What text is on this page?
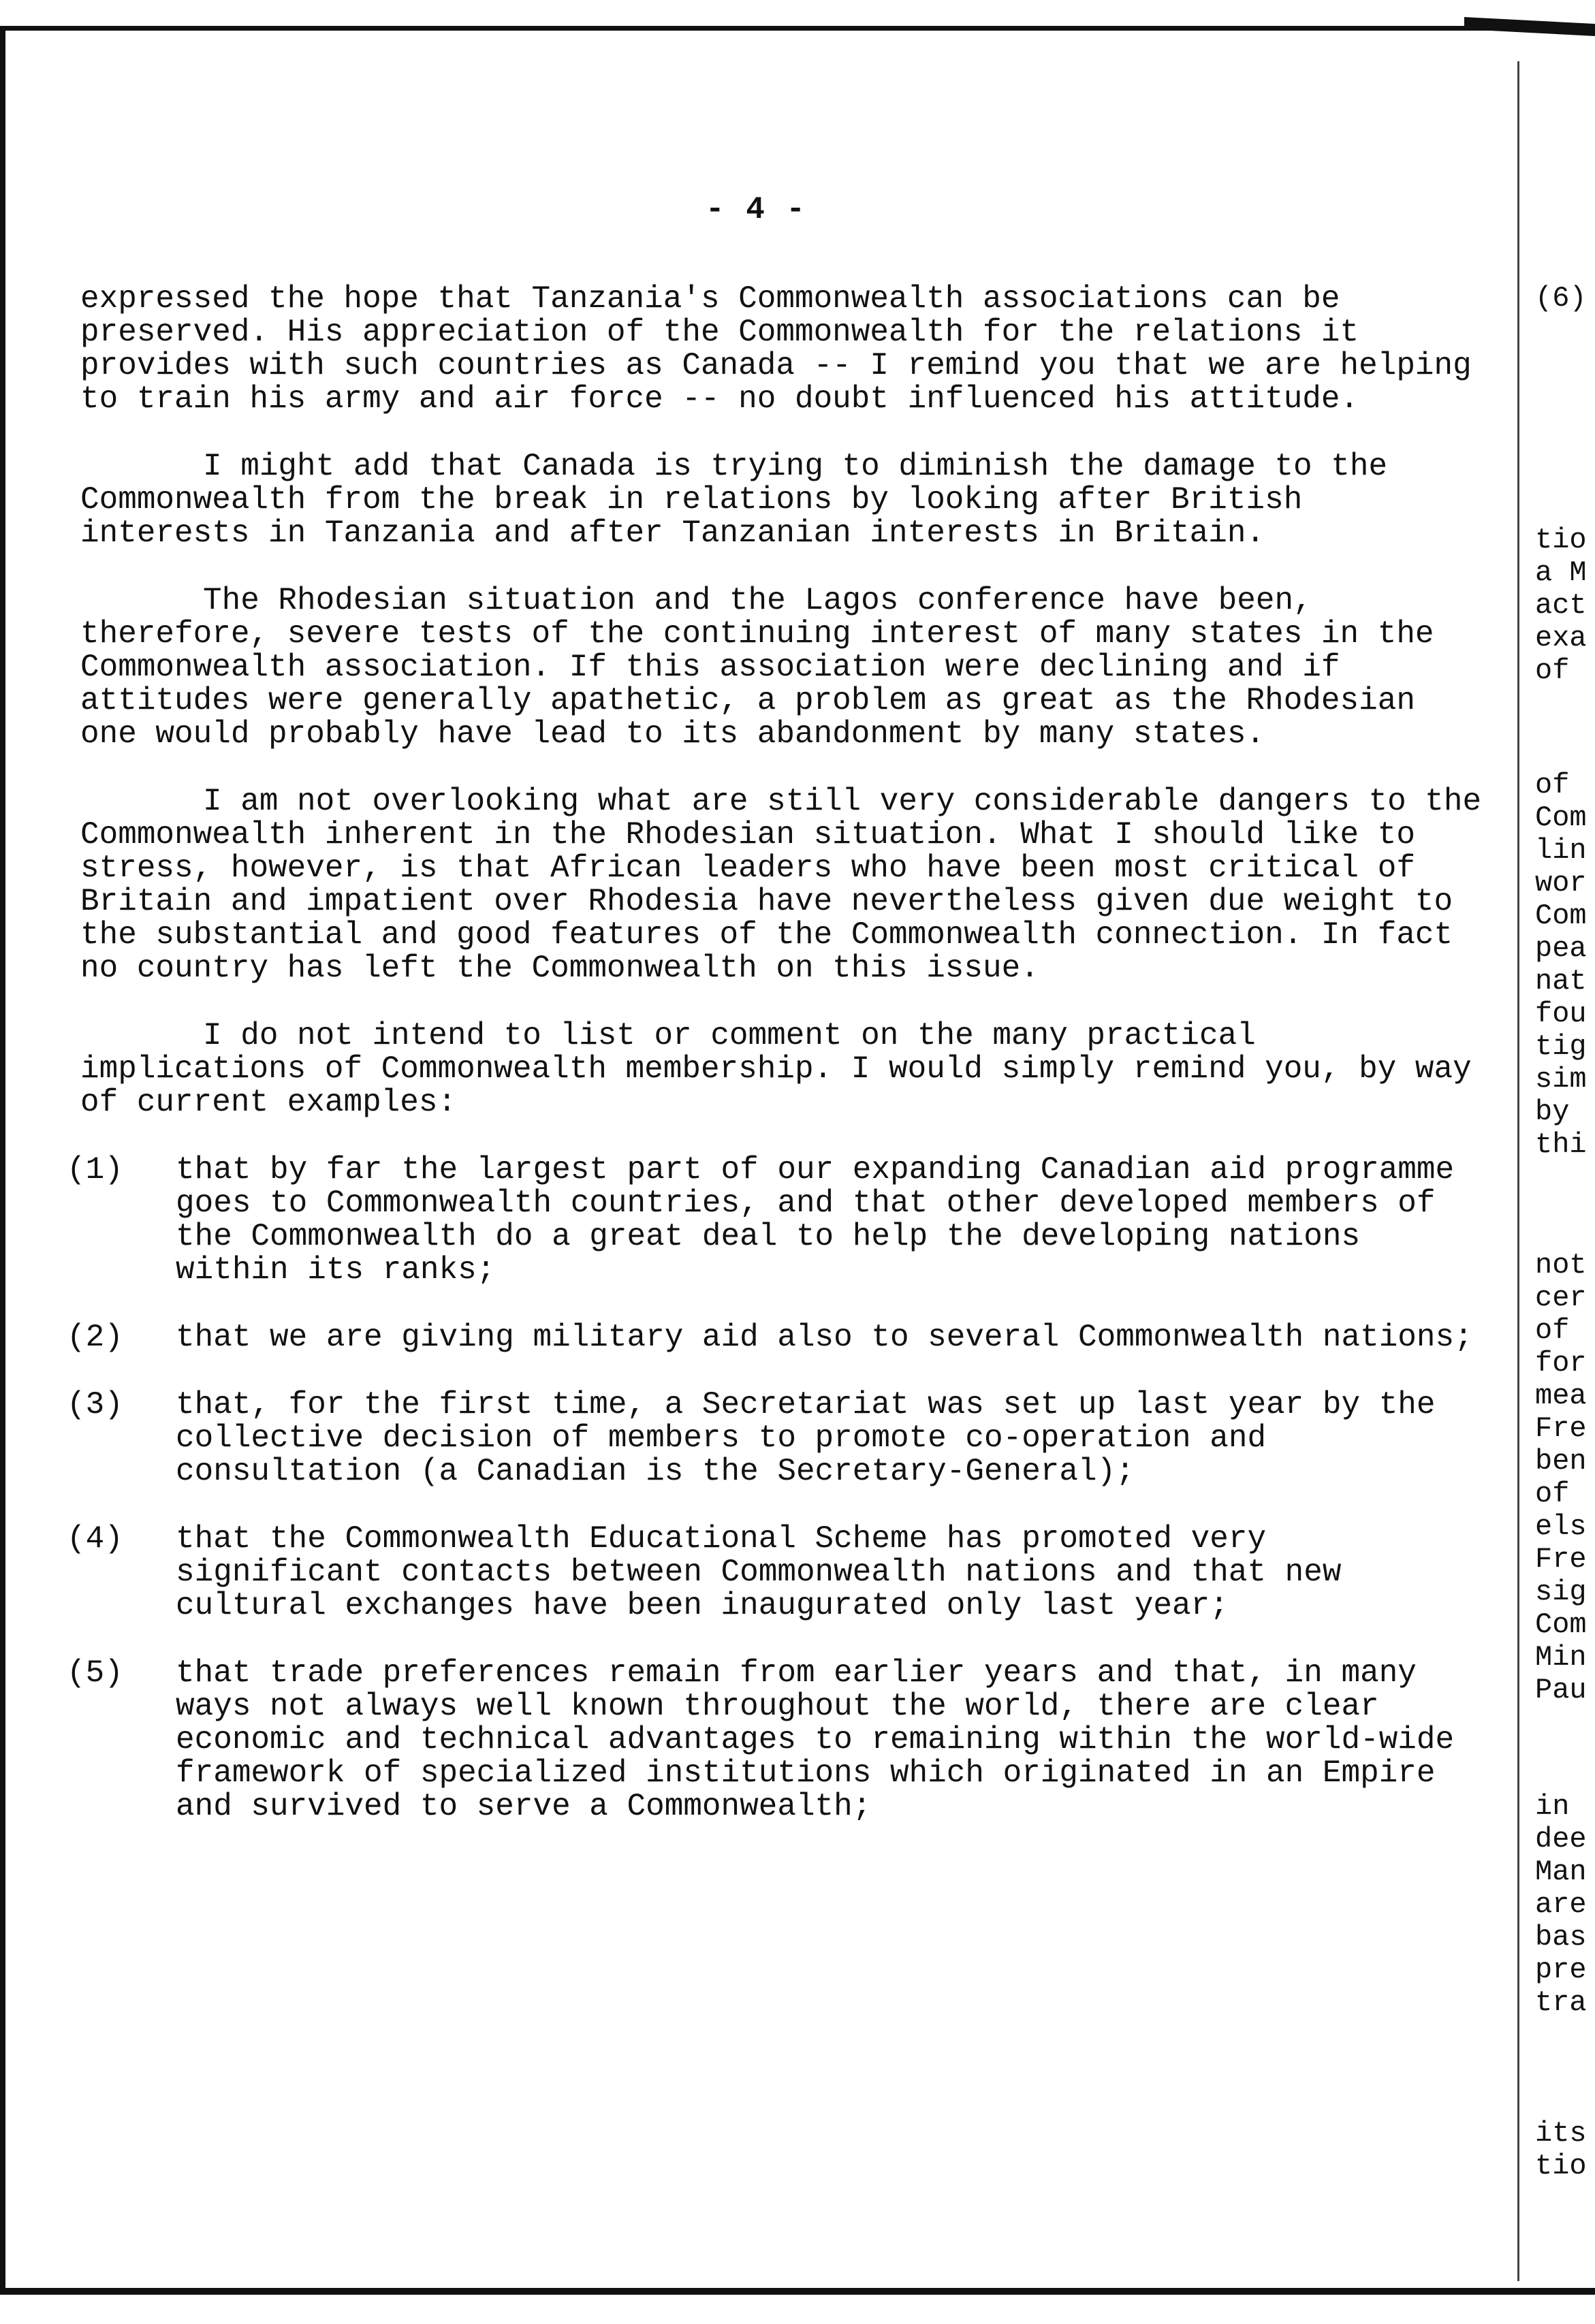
- 4 -

expressed the hope that Tanzania's Commonwealth associations can be preserved. His appreciation of the Commonwealth for the relations it provides with such countries as Canada -- I remind you that we are helping to train his army and air force -- no doubt influenced his attitude.

I might add that Canada is trying to diminish the damage to the Commonwealth from the break in relations by looking after British interests in Tanzania and after Tanzanian interests in Britain.

The Rhodesian situation and the Lagos conference have been, therefore, severe tests of the continuing interest of many states in the Commonwealth association. If this association were declining and if attitudes were generally apathetic, a problem as great as the Rhodesian one would probably have lead to its abandonment by many states.

I am not overlooking what are still very considerable dangers to the Commonwealth inherent in the Rhodesian situation. What I should like to stress, however, is that African leaders who have been most critical of Britain and impatient over Rhodesia have nevertheless given due weight to the substantial and good features of the Commonwealth connection. In fact no country has left the Commonwealth on this issue.

I do not intend to list or comment on the many practical implications of Commonwealth membership. I would simply remind you, by way of current examples:

(1) that by far the largest part of our expanding Canadian aid programme goes to Commonwealth countries, and that other developed members of the Commonwealth do a great deal to help the developing nations within its ranks;
(2) that we are giving military aid also to several Commonwealth nations;
(3) that, for the first time, a Secretariat was set up last year by the collective decision of members to promote co-operation and consultation (a Canadian is the Secretary-General);
(4) that the Commonwealth Educational Scheme has promoted very significant contacts between Commonwealth nations and that new cultural exchanges have been inaugurated only last year;
(5) that trade preferences remain from earlier years and that, in many ways not always well known throughout the world, there are clear economic and technical advantages to remaining within the world-wide framework of specialized institutions which originated in an Empire and survived to serve a Commonwealth;
(6)
tio
a M
act
exa
of
of
Com
lin
wor
Com
pea
nat
fou
tig
sim
by
thi
not
cer
of
for
mea
Fre
ben
of
els
Fre
sig
Com
Min
Pau
in
dee
Man
are
bas
pre
tra
its
tio
